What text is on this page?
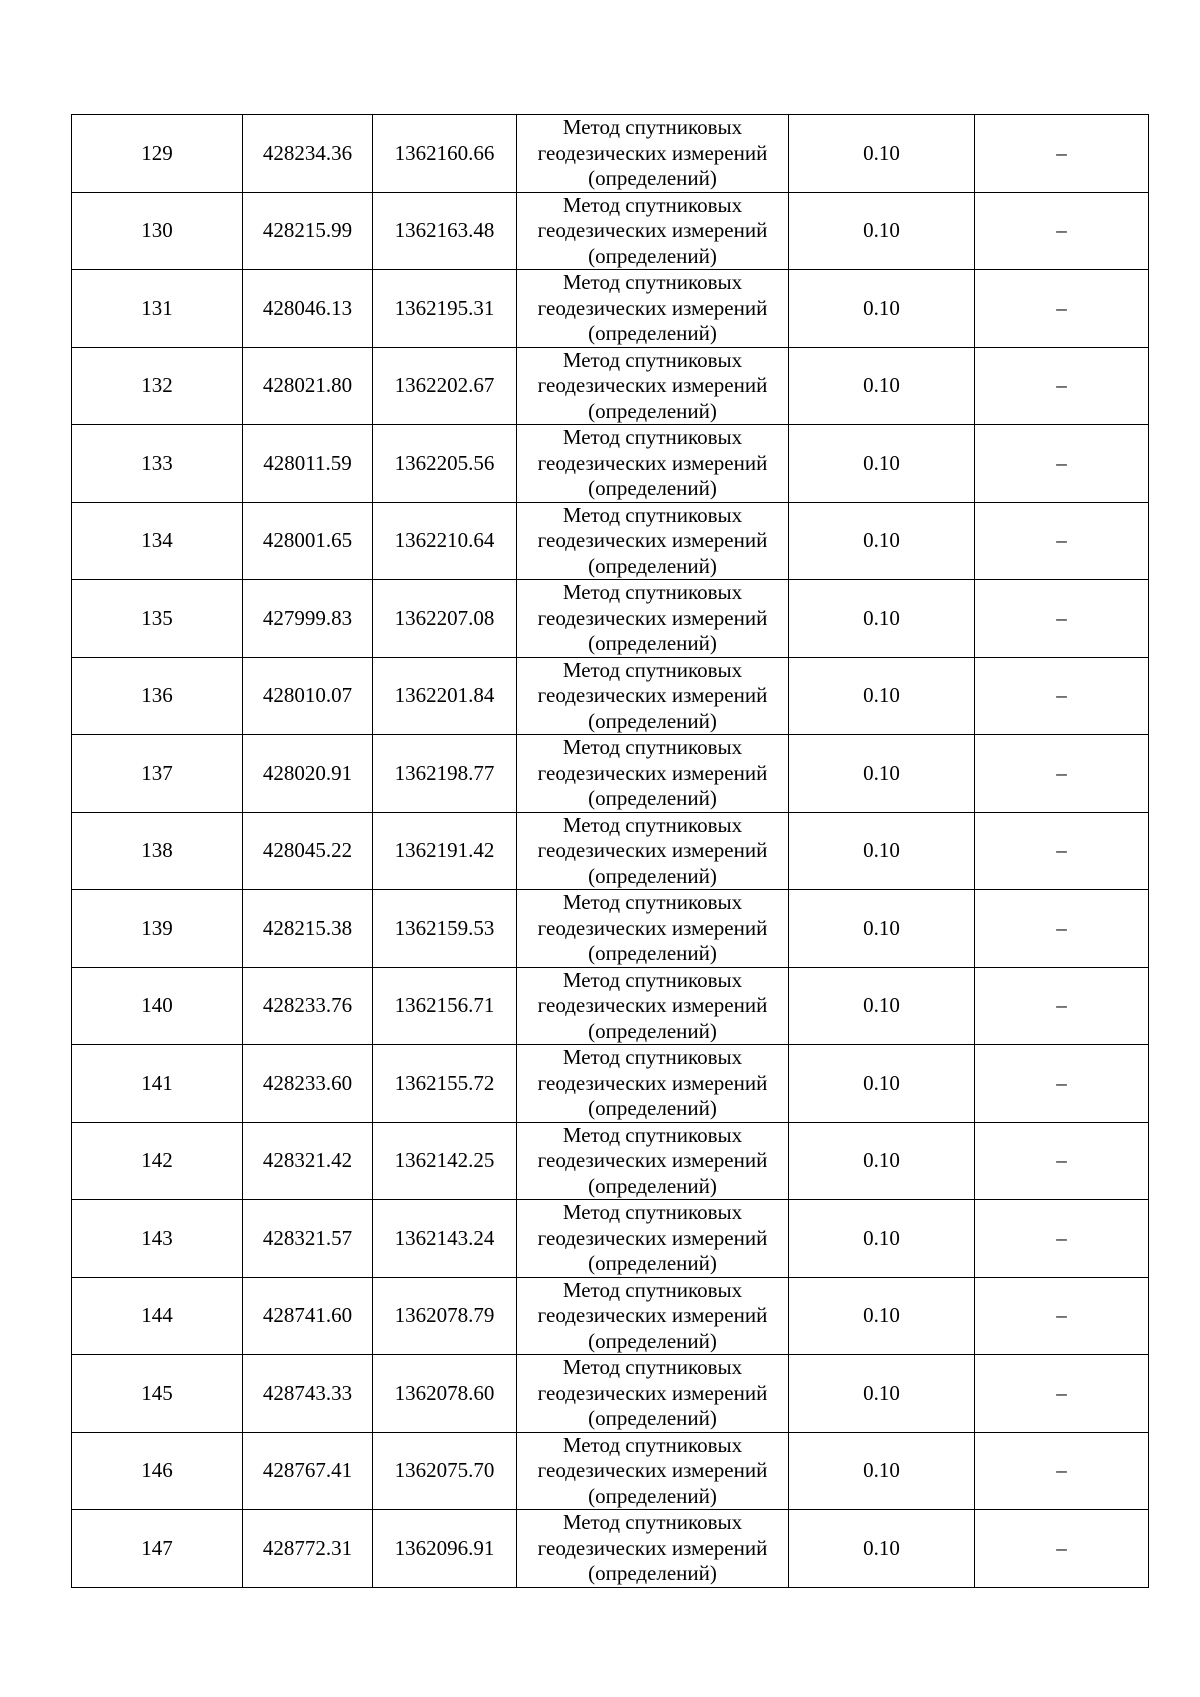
129	428234.36	1362160.66	Метод спутниковых
геодезических измерений
(определений)	0.10	–
130	428215.99	1362163.48	Метод спутниковых
геодезических измерений
(определений)	0.10	–
131	428046.13	1362195.31	Метод спутниковых
геодезических измерений
(определений)	0.10	–
132	428021.80	1362202.67	Метод спутниковых
геодезических измерений
(определений)	0.10	–
133	428011.59	1362205.56	Метод спутниковых
геодезических измерений
(определений)	0.10	–
134	428001.65	1362210.64	Метод спутниковых
геодезических измерений
(определений)	0.10	–
135	427999.83	1362207.08	Метод спутниковых
геодезических измерений
(определений)	0.10	–
136	428010.07	1362201.84	Метод спутниковых
геодезических измерений
(определений)	0.10	–
137	428020.91	1362198.77	Метод спутниковых
геодезических измерений
(определений)	0.10	–
138	428045.22	1362191.42	Метод спутниковых
геодезических измерений
(определений)	0.10	–
139	428215.38	1362159.53	Метод спутниковых
геодезических измерений
(определений)	0.10	–
140	428233.76	1362156.71	Метод спутниковых
геодезических измерений
(определений)	0.10	–
141	428233.60	1362155.72	Метод спутниковых
геодезических измерений
(определений)	0.10	–
142	428321.42	1362142.25	Метод спутниковых
геодезических измерений
(определений)	0.10	–
143	428321.57	1362143.24	Метод спутниковых
геодезических измерений
(определений)	0.10	–
144	428741.60	1362078.79	Метод спутниковых
геодезических измерений
(определений)	0.10	–
145	428743.33	1362078.60	Метод спутниковых
геодезических измерений
(определений)	0.10	–
146	428767.41	1362075.70	Метод спутниковых
геодезических измерений
(определений)	0.10	–
147	428772.31	1362096.91	Метод спутниковых
геодезических измерений
(определений)	0.10	–
